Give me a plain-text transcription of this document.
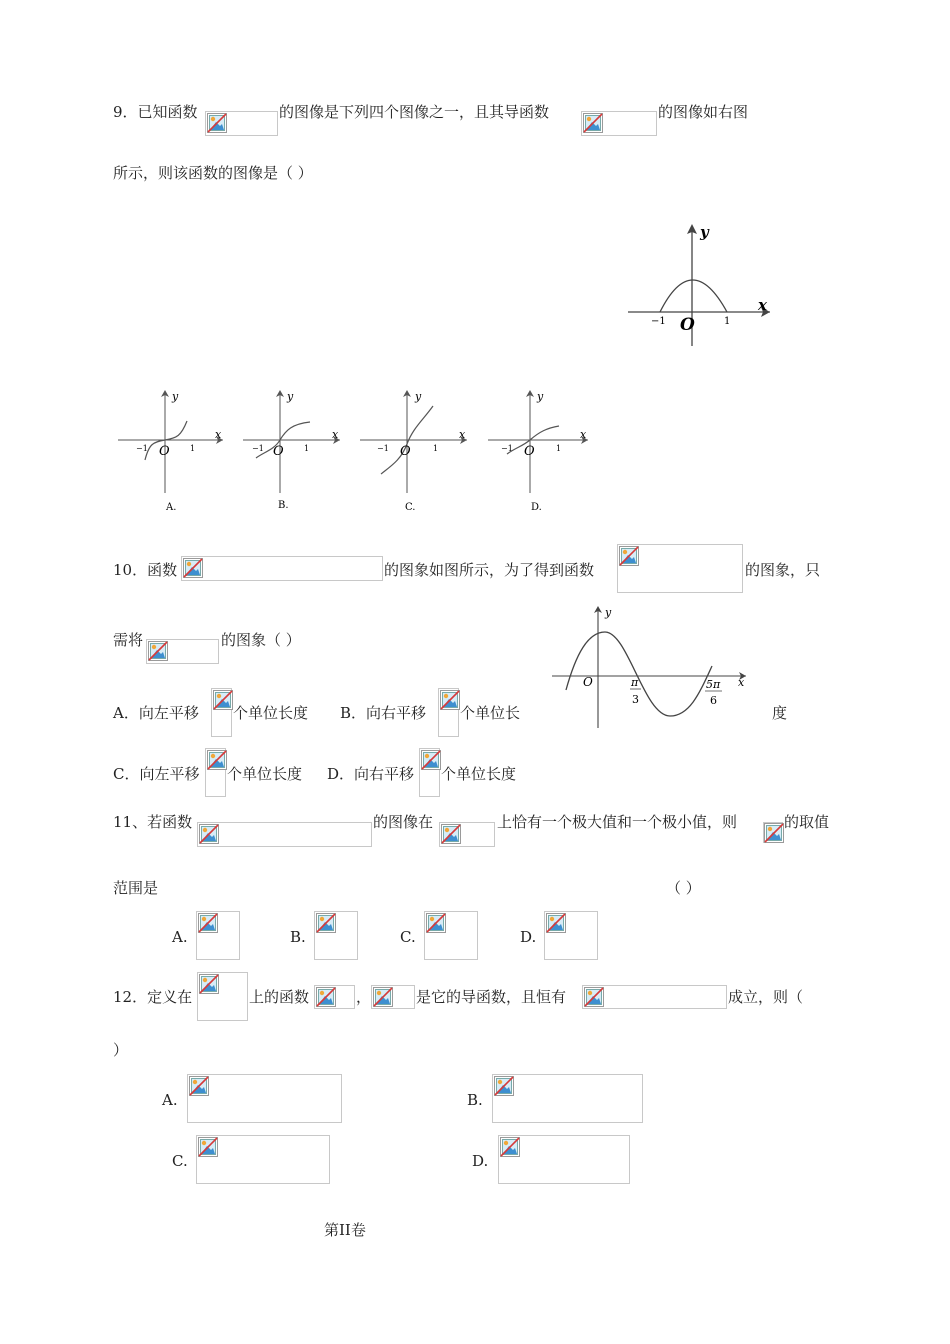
9．已知函数	的图像是下列四个图像之一，且其导函数	的图像如右图
所示，则该函数的图像是（ ）
y
x
O
−1	1
y
x
O
−1	1
A.
y
x
O
−1	1
B.
y
x
O
−1	1
C.
y
x
O
−1	1
D.
10．函数	的图象如图所示，为了得到函数	的图象，只
需将	的图象（ ）
y
x
O	π
3
5π
6
A．向左平移 个单位长度 B．向右平移 个单位长	度
C．向左平移 个单位长度 D．向右平移 个单位长度
11、若函数	的图像在	上恰有一个极大值和一个极小值，则	的取值
范围是	（ ）
A.	B.	C.	D.
12．定义在	上的函数	，	是它的导函数，且恒有	成立，则（
）
A.	B.
C.	D.
第II卷
